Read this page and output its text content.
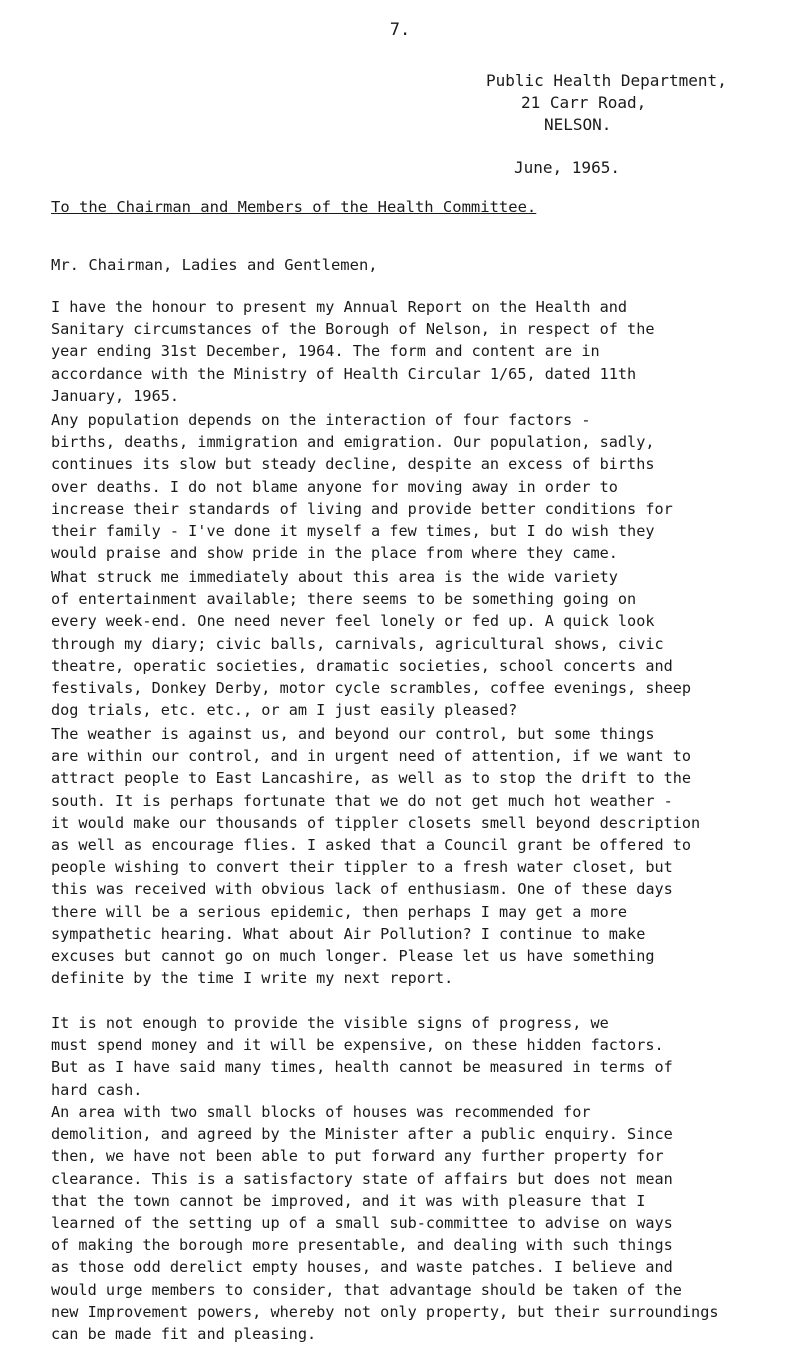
7.
Public Health Department,
21 Carr Road,
NELSON.
June, 1965.
To the Chairman and Members of the Health Committee.
Mr. Chairman, Ladies and Gentlemen,

I have the honour to present my Annual Report on the Health and

Sanitary circumstances of the Borough of Nelson, in respect of the

year ending 31st December, 1964. The form and content are in

accordance with the Ministry of Health Circular 1/65, dated 11th

January, 1965.

Any population depends on the interaction of four factors -

births, deaths, immigration and emigration. Our population, sadly,

continues its slow but steady decline, despite an excess of births

over deaths. I do not blame anyone for moving away in order to

increase their standards of living and provide better conditions for

their family - I've done it myself a few times, but I do wish they

would praise and show pride in the place from where they came.

What struck me immediately about this area is the wide variety

of entertainment available; there seems to be something going on

every week-end. One need never feel lonely or fed up. A quick look

through my diary; civic balls, carnivals, agricultural shows, civic

theatre, operatic societies, dramatic societies, school concerts and

festivals, Donkey Derby, motor cycle scrambles, coffee evenings, sheep

dog trials, etc. etc., or am I just easily pleased?

The weather is against us, and beyond our control, but some things

are within our control, and in urgent need of attention, if we want to

attract people to East Lancashire, as well as to stop the drift to the

south. It is perhaps fortunate that we do not get much hot weather -

it would make our thousands of tippler closets smell beyond description

as well as encourage flies. I asked that a Council grant be offered to

people wishing to convert their tippler to a fresh water closet, but

this was received with obvious lack of enthusiasm. One of these days

there will be a serious epidemic, then perhaps I may get a more

sympathetic hearing. What about Air Pollution? I continue to make

excuses but cannot go on much longer. Please let us have something

definite by the time I write my next report.

It is not enough to provide the visible signs of progress, we

must spend money and it will be expensive, on these hidden factors.

But as I have said many times, health cannot be measured in terms of

hard cash.

An area with two small blocks of houses was recommended for

demolition, and agreed by the Minister after a public enquiry. Since

then, we have not been able to put forward any further property for

clearance. This is a satisfactory state of affairs but does not mean

that the town cannot be improved, and it was with pleasure that I

learned of the setting up of a small sub-committee to advise on ways

of making the borough more presentable, and dealing with such things

as those odd derelict empty houses, and waste patches. I believe and

would urge members to consider, that advantage should be taken of the

new Improvement powers, whereby not only property, but their surroundings

can be made fit and pleasing.
